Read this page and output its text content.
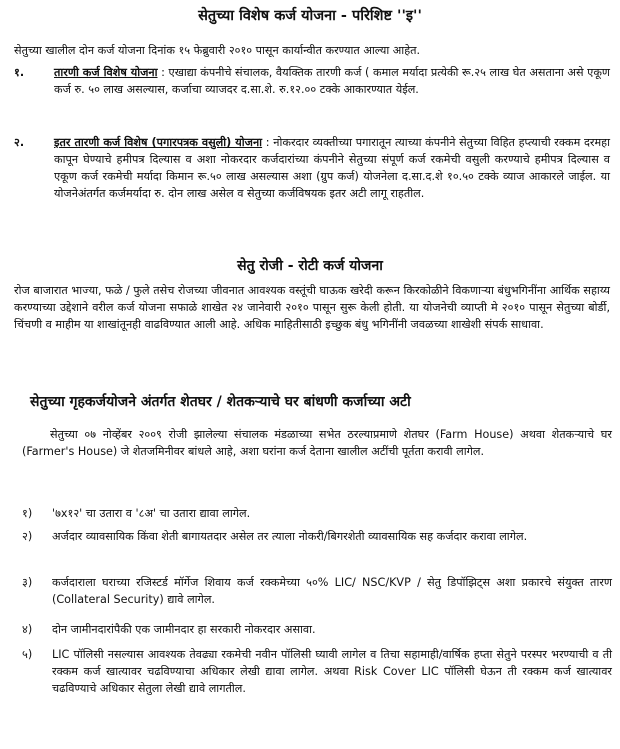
सेतुच्या विशेष कर्ज योजना - परिशिष्ट ''इ''

सेतुच्या खालील दोन कर्ज योजना दिनांक १५ फेब्रुवारी २०१० पासून कार्यान्वीत करण्यात आल्या आहेत.

१.	तारणी कर्ज विशेष योजना : एखाद्या कंपनीचे संचालक, वैयक्तिक तारणी कर्ज ( कमाल मर्यादा प्रत्येकी रू.२५ लाख घेत असताना असे एकूण कर्ज रु. ५० लाख असल्यास, कर्जाचा व्याजदर द.सा.शे. रु.१२.०० टक्के आकारण्यात येईल.
२.	इतर तारणी कर्ज विशेष (पगारपत्रक वसुली) योजना : नोकरदार व्यक्तीच्या पगारातून त्याच्या कंपनीने सेतुच्या विहित हप्त्याची रक्कम दरमहा कापून घेण्याचे हमीपत्र दिल्यास व अशा नोकरदार कर्जदारांच्या कंपनीने सेतुच्या संपूर्ण कर्ज रकमेची वसुली करण्याचे हमीपत्र दिल्यास व एकूण कर्ज रकमेची मर्यादा किमान रू.५० लाख असल्यास अशा (ग्रुप कर्ज) योजनेला द.सा.द.शे १०.५० टक्के व्याज आकारले जाईल. या योजनेअंतर्गत कर्जमर्यादा रु. दोन लाख असेल व सेतुच्या कर्जविषयक इतर अटी लागू राहतील.
सेतु रोजी - रोटी कर्ज योजना

रोज बाजारात भाज्या, फळे / फुले तसेच रोजच्या जीवनात आवश्यक वस्तूंची घाऊक खरेदी करून किरकोळीने विकणाऱ्या बंधुभगिनींना आर्थिक सहाय्य करण्याच्या उद्देशाने वरील कर्ज योजना सफाळे शाखेत २४ जानेवारी २०१० पासून सुरू केली होती. या योजनेची व्याप्ती मे २०१० पासून सेतुच्या बोर्डी, चिंचणी व माहीम या शाखांतूनही वाढविण्यात आली आहे. अधिक माहितीसाठी इच्छुक बंधु भगिनींनी जवळच्या शाखेशी संपर्क साधावा.

सेतुच्या गृहकर्जयोजने अंतर्गत शेतघर / शेतकऱ्याचे घर बांधणी कर्जाच्या अटी

सेतुच्या ०७ नोव्हेंबर २००९ रोजी झालेल्या संचालक मंडळाच्या सभेत ठरल्याप्रमाणे शेतघर (Farm House) अथवा शेतकऱ्याचे घर (Farmer's House) जे शेतजमिनीवर बांधले आहे, अशा घरांना कर्ज देताना खालील अटींची पूर्तता करावी लागेल.

१)	'७x१२' चा उतारा व '८अ' चा उतारा द्यावा लागेल.
२)	अर्जदार व्यावसायिक किंवा शेती बागायतदार असेल तर त्याला नोकरी/बिगरशेती व्यावसायिक सह कर्जदार करावा लागेल.
३)	कर्जदाराला घराच्या रजिस्टर्ड मॉर्गेज शिवाय कर्ज रक्कमेच्या ५०% LIC/ NSC/KVP / सेतु डिपॉझिट्स अशा प्रकारचे संयुक्त तारण (Collateral Security) द्यावे लागेल.
४)	दोन जामीनदारांपैकी एक जामीनदार हा सरकारी नोकरदार असावा.
५)	LIC पॉलिसी नसल्यास आवश्यक तेवढ्या रकमेची नवीन पॉलिसी घ्यावी लागेल व तिचा सहामाही/वार्षिक हप्ता सेतुने परस्पर भरण्याची व ती रक्कम कर्ज खात्यावर चढविण्याचा अधिकार लेखी द्यावा लागेल. अथवा Risk Cover LIC पॉलिसी घेऊन ती रक्कम कर्ज खात्यावर चढविण्याचे अधिकार सेतुला लेखी द्यावे लागतील.
